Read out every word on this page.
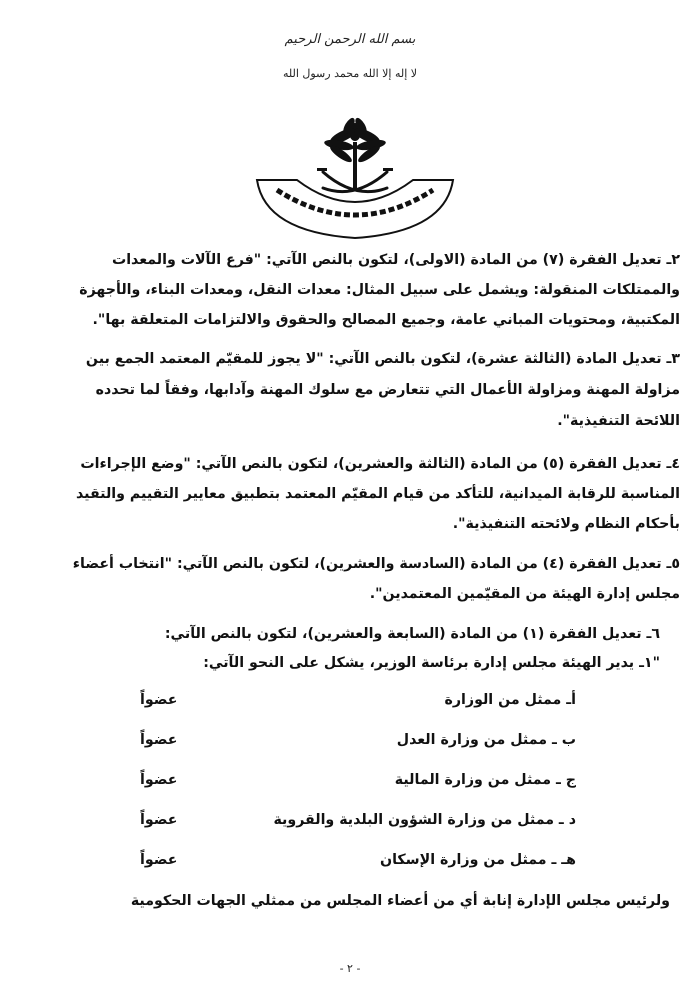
بسم الله الرحمن الرحيم
لا إله إلا الله محمد رسول الله
٢ـ تعديل الفقرة (٧) من المادة (الاولى)، لتكون بالنص الآتي: "فرع الآلات والمعدات
والممتلكات المنقولة: ويشمل على سبيل المثال: معدات النقل، ومعدات البناء، والأجهزة
المكتبية، ومحتويات المباني عامة، وجميع المصالح والحقوق والالتزامات المتعلقة بها".
٣ـ تعديل المادة (الثالثة عشرة)، لتكون بالنص الآتي: "لا يجوز للمقيّم المعتمد الجمع بين
مزاولة المهنة ومزاولة الأعمال التي تتعارض مع سلوك المهنة وآدابها، وفقاً لما تحدده
اللائحة التنفيذية".
٤ـ تعديل الفقرة (٥) من المادة (الثالثة والعشرين)، لتكون بالنص الآتي: "وضع الإجراءات
المناسبة للرقابة الميدانية، للتأكد من قيام المقيّم المعتمد بتطبيق معايير التقييم والتقيد
بأحكام النظام ولائحته التنفيذية".
٥ـ تعديل الفقرة (٤) من المادة (السادسة والعشرين)، لتكون بالنص الآتي: "انتخاب أعضاء
مجلس إدارة الهيئة من المقيّمين المعتمدين".
٦ـ تعديل الفقرة (١) من المادة (السابعة والعشرين)، لتكون بالنص الآتي:
"١ـ يدير الهيئة مجلس إدارة برئاسة الوزير، يشكل على النحو الآتي:
أـ ممثل من الوزارة
عضواً
ب ـ ممثل من وزارة العدل
عضواً
ج ـ ممثل من وزارة المالية
عضواً
د ـ ممثل من وزارة الشؤون البلدية والقروية
عضواً
هـ ـ ممثل من وزارة الإسكان
عضواً
ولرئيس مجلس الإدارة إنابة أي من أعضاء المجلس من ممثلي الجهات الحكومية
- ٢ -
